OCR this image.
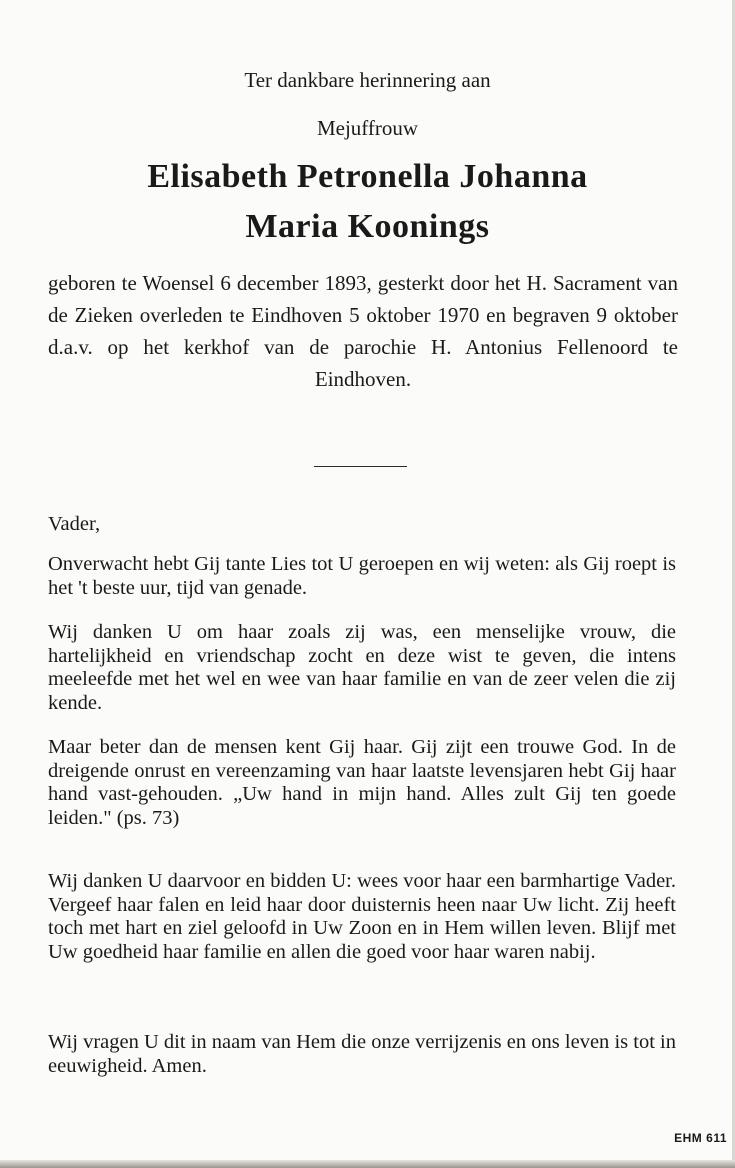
Ter dankbare herinnering aan
Mejuffrouw
Elisabeth Petronella Johanna
Maria Koonings
geboren te Woensel 6 december 1893, gesterkt door het H. Sacrament van de Zieken overleden te Eindhoven 5 oktober 1970 en begraven 9 oktober d.a.v. op het kerkhof van de parochie H. Antonius Fellenoord te Eindhoven.
Vader,
Onverwacht hebt Gij tante Lies tot U geroepen en wij weten: als Gij roept is het 't beste uur, tijd van genade.
Wij danken U om haar zoals zij was, een menselijke vrouw, die hartelijkheid en vriendschap zocht en deze wist te geven, die intens meeleefde met het wel en wee van haar familie en van de zeer velen die zij kende.
Maar beter dan de mensen kent Gij haar. Gij zijt een trouwe God. In de dreigende onrust en vereenzaming van haar laatste levensjaren hebt Gij haar hand vast-gehouden. „Uw hand in mijn hand. Alles zult Gij ten goede leiden." (ps. 73)
Wij danken U daarvoor en bidden U: wees voor haar een barmhartige Vader. Vergeef haar falen en leid haar door duisternis heen naar Uw licht. Zij heeft toch met hart en ziel geloofd in Uw Zoon en in Hem willen leven. Blijf met Uw goedheid haar familie en allen die goed voor haar waren nabij.
Wij vragen U dit in naam van Hem die onze verrijzenis en ons leven is tot in eeuwigheid. Amen.
EHM 611
